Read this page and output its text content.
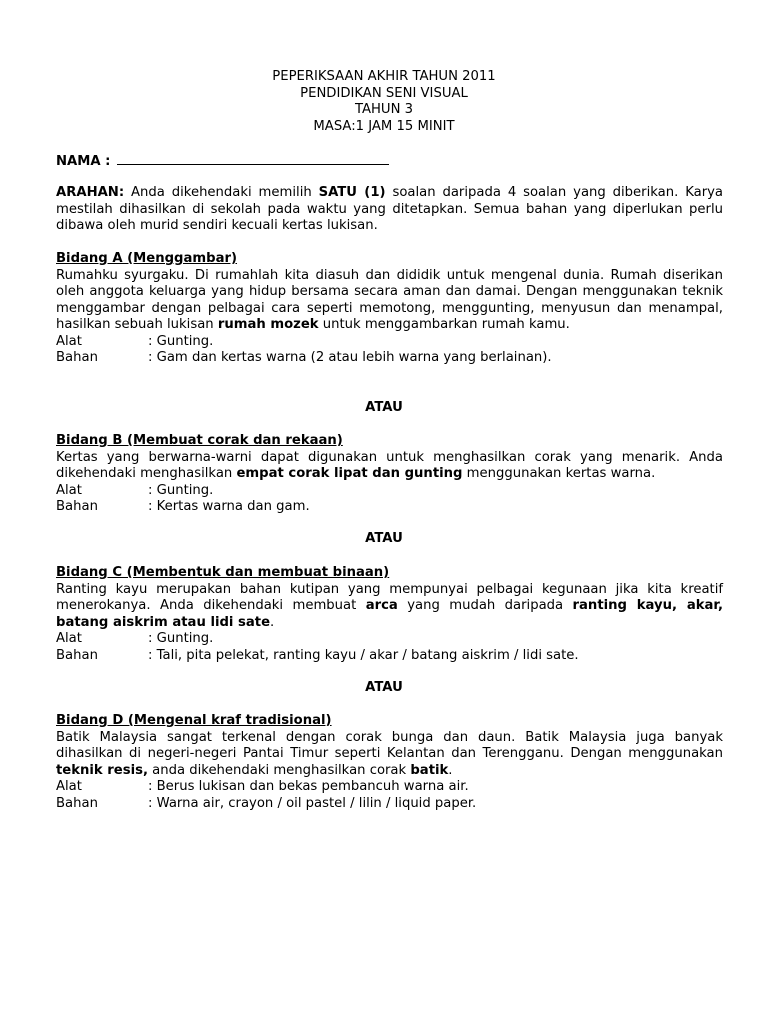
PEPERIKSAAN AKHIR TAHUN 2011
PENDIDIKAN SENI VISUAL
TAHUN 3
MASA:1 JAM 15 MINIT
NAMA :
ARAHAN: Anda dikehendaki memilih SATU (1) soalan daripada 4 soalan yang diberikan. Karya mestilah dihasilkan di sekolah pada waktu yang ditetapkan. Semua bahan yang diperlukan perlu dibawa oleh murid sendiri kecuali kertas lukisan.
Bidang A (Menggambar)
Rumahku syurgaku. Di rumahlah kita diasuh dan dididik untuk mengenal dunia. Rumah diserikan oleh anggota keluarga yang hidup bersama secara aman dan damai. Dengan menggunakan teknik menggambar dengan pelbagai cara seperti memotong, menggunting, menyusun dan menampal, hasilkan sebuah lukisan rumah mozek untuk menggambarkan rumah kamu.
Alat	: Gunting.
Bahan	: Gam dan kertas warna (2 atau lebih warna yang berlainan).
ATAU
Bidang B (Membuat corak dan rekaan)
Kertas yang berwarna-warni dapat digunakan untuk menghasilkan corak yang menarik. Anda dikehendaki menghasilkan empat corak lipat dan gunting menggunakan kertas warna.
Alat	: Gunting.
Bahan	: Kertas warna dan gam.
ATAU
Bidang C (Membentuk dan membuat binaan)
Ranting kayu merupakan bahan kutipan yang mempunyai pelbagai kegunaan jika kita kreatif menerokanya. Anda dikehendaki membuat arca yang mudah daripada ranting kayu, akar, batang aiskrim atau lidi sate.
Alat	: Gunting.
Bahan	: Tali, pita pelekat, ranting kayu / akar / batang aiskrim / lidi sate.
ATAU
Bidang D (Mengenal kraf tradisional)
Batik Malaysia sangat terkenal dengan corak bunga dan daun. Batik Malaysia juga banyak dihasilkan di negeri-negeri Pantai Timur seperti Kelantan dan Terengganu. Dengan menggunakan teknik resis, anda dikehendaki menghasilkan corak batik.
Alat	: Berus lukisan dan bekas pembancuh warna air.
Bahan	: Warna air, crayon / oil pastel / lilin / liquid paper.
